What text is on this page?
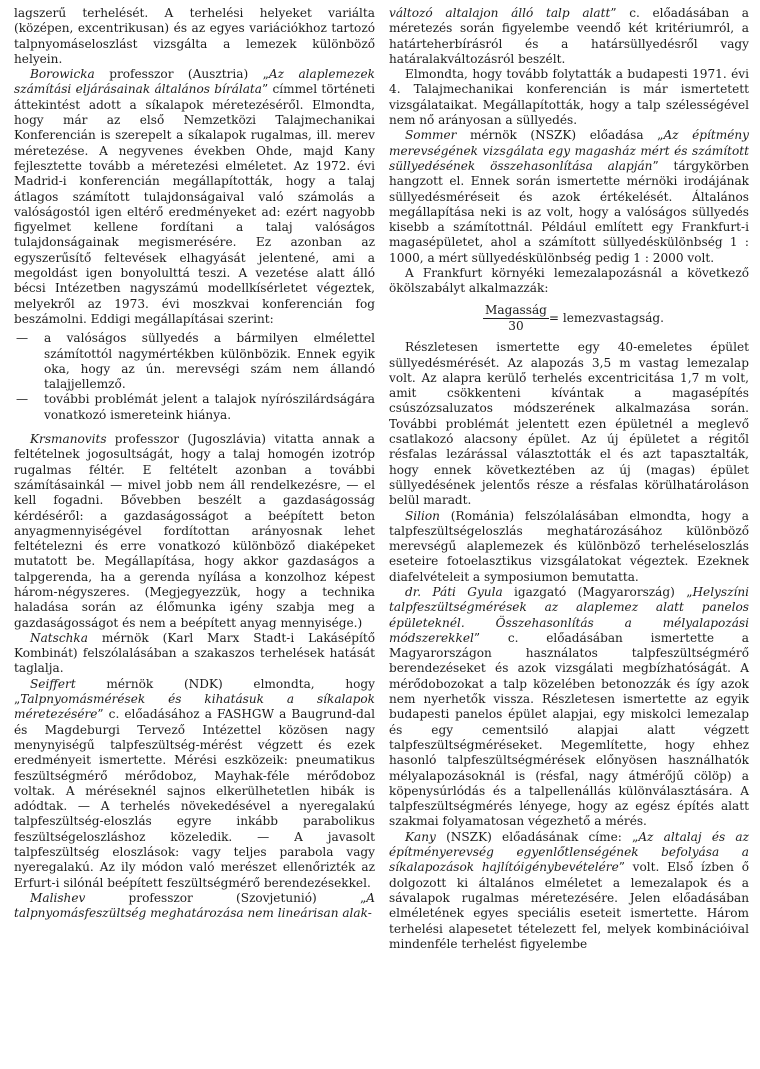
lagszerű terhelését. A terhelési helyeket variálta (középen, excentrikusan) és az egyes variációkhoz tartozó talpnyomáseloszlást vizsgálta a lemezek különböző helyein.

Borowicka professzor (Ausztria) „Az alaplemezek számítási eljárásainak általános bírálata” címmel történeti áttekintést adott a síkalapok méretezéséről. Elmondta, hogy már az első Nemzetközi Talajmechanikai Konferencián is szerepelt a síkalapok rugalmas, ill. merev méretezése. A negyvenes években Ohde, majd Kany fejlesztette tovább a méretezési elméletet. Az 1972. évi Madrid-i konferencián megállapították, hogy a talaj átlagos számított tulajdonságaival való számolás a valóságostól igen eltérő eredményeket ad: ezért nagyobb figyelmet kellene fordítani a talaj valóságos tulajdonságainak megismerésére. Ez azonban az egyszerűsítő feltevések elhagyását jelentené, ami a megoldást igen bonyolulttá teszi. A vezetése alatt álló bécsi Intézetben nagyszámú modellkísérletet végeztek, melyekről az 1973. évi moszkvai konferencián fog beszámolni. Eddigi megállapításai szerint:

— a valóságos süllyedés a bármilyen elmélettel számítottól nagymértékben különbözik. Ennek egyik oka, hogy az ún. merevségi szám nem állandó talajjellemző.
— további problémát jelent a talajok nyírószilárdságára vonatkozó ismereteink hiánya.

Krsmanovits professzor (Jugoszlávia) vitatta annak a feltételnek jogosultságát, hogy a talaj homogén izotróp rugalmas féltér. E feltételt azonban a további számításainkál — mivel jobb nem áll rendelkezésre, — el kell fogadni. Bővebben beszélt a gazdaságosság kérdéséről: a gazdaságosságot a beépített beton anyagmennyiségével fordítottan arányosnak lehet feltételezni és erre vonatkozó különböző diaképeket mutatott be. Megállapítása, hogy akkor gazdaságos a talpgerenda, ha a gerenda nyílása a konzolhoz képest három-négyszeres. (Megjegyezzük, hogy a technika haladása során az élőmunka igény szabja meg a gazdaságosságot és nem a beépített anyag mennyisége.)

Natschka mérnök (Karl Marx Stadt-i Lakásépítő Kombinát) felszólalásában a szakaszos terhelések hatását taglalja.

Seiffert mérnök (NDK) elmondta, hogy „Talpnyomásmérések és kihatásuk a síkalapok méretezésére” c. előadásához a FASHGW a Baugrund-dal és Magdeburgi Tervező Intézettel közösen nagy menynyiségű talpfeszültség-mérést végzett és ezek eredményeit ismertette. Mérési eszközeik: pneumatikus feszültségmérő mérődoboz, Mayhak-féle mérődoboz voltak. A méréseknél sajnos elkerülhetetlen hibák is adódtak. — A terhelés növekedésével a nyeregalakú talpfeszültség-eloszlás egyre inkább parabolikus feszültségeloszláshoz közeledik. — A javasolt talpfeszültség eloszlások: vagy teljes parabola vagy nyeregalakú. Az ily módon való merészet ellenőrizték az Erfurt-i silónál beépített feszültségmérő berendezésekkel.

Malishev professzor (Szovjetunió) „A talpnyomásfeszültség meghatározása nem lineárisan alak-

változó altalajon álló talp alatt” c. előadásában a méretezés során figyelembe veendő két kritériumról, a határteherbírásról és a határsüllyedésről vagy határalakváltozásról beszélt.

Elmondta, hogy tovább folytatták a budapesti 1971. évi 4. Talajmechanikai konferencián is már ismertetett vizsgálataikat. Megállapították, hogy a talp szélességével nem nő arányosan a süllyedés.

Sommer mérnök (NSZK) előadása „Az építmény merevségének vizsgálata egy magasház mért és számított süllyedésének összehasonlítása alapján” tárgykörben hangzott el. Ennek során ismertette mérnöki irodájának süllyedésméréseit és azok értékelését. Általános megállapítása neki is az volt, hogy a valóságos süllyedés kisebb a számítottnál. Például említett egy Frankfurt-i magasépületet, ahol a számított süllyedéskülönbség 1 : 1000, a mért süllyedéskülönbség pedig 1 : 2000 volt.

A Frankfurt környéki lemezalapozásnál a következő ökölszabályt alkalmazzák:

$\frac{\text{Magasság}}{30}$ = lemezvastagság.

Részletesen ismertette egy 40-emeletes épület süllyedésmérését. Az alapozás 3,5 m vastag lemezalap volt. Az alapra kerülő terhelés excentricitása 1,7 m volt, amit csökkenteni kívántak a magasépítés csúszózsaluzatos módszerének alkalmazása során. További problémát jelentett ezen épületnél a meglevő csatlakozó alacsony épület. Az új épületet a régitől résfalas lezárással választották el és azt tapasztalták, hogy ennek következtében az új (magas) épület süllyedésének jelentős része a résfalas körülhatároláson belül maradt.

Silion (Románia) felszólalásában elmondta, hogy a talpfeszültségeloszlás meghatározásához különböző merevségű alaplemezek és különböző terheléseloszlás eseteire fotoelasztikus vizsgálatokat végeztek. Ezeknek diafelvételeit a symposiumon bemutatta.

dr. Páti Gyula igazgató (Magyarország) „Helyszíni talpfeszültségmérések az alaplemez alatt panelos épületeknél. Összehasonlítás a mélyalapozási módszerekkel” c. előadásában ismertette a Magyarországon használatos talpfeszültségmérő berendezéseket és azok vizsgálati megbízhatóságát. A mérődobozokat a talp közelében betonozzák és így azok nem nyerhetők vissza. Részletesen ismertette az egyik budapesti panelos épület alapjai, egy miskolci lemezalap és egy cementsiló alapjai alatt végzett talpfeszültségméréseket. Megemlítette, hogy ehhez hasonló talpfeszültségmérések előnyösen használhatók mélyalapozásoknál is (résfal, nagy átmérőjű cölöp) a köpenysúrlódás és a talpellenállás különválasztására. A talpfeszültségmérés lényege, hogy az egész építés alatt szakmai folyamatosan végezhető a mérés.

Kany (NSZK) előadásának címe: „Az altalaj és az építményerevség egyenlőtlenségének befolyása a síkalapozások hajlítóigénybevételére” volt. Első ízben ő dolgozott ki általános elméletet a lemezalapok és a sávalapok rugalmas méretezésére. Jelen előadásában elméletének egyes speciális eseteit ismertette. Három terhelési alapesetet tételezett fel, melyek kombinációival mindenféle terhelést figyelembe
